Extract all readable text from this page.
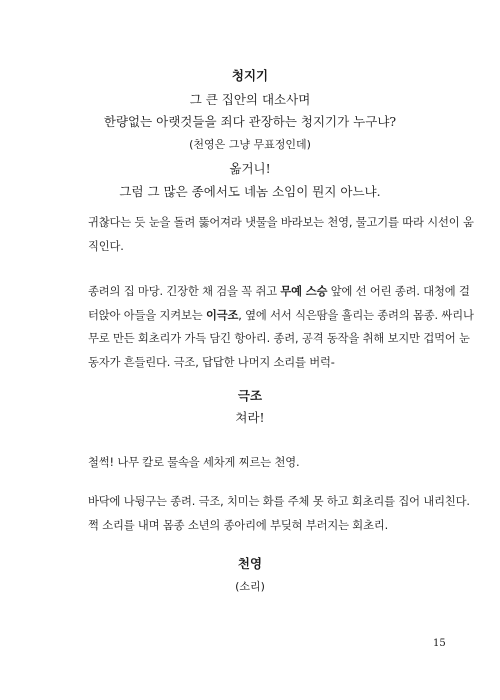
청지기
그 큰 집안의 대소사며
한량없는 아랫것들을 죄다 관장하는 청지기가 누구냐?
(천영은 그냥 무표정인데)
옮거니!
그럼 그 많은 종에서도 네놈 소임이 뭔지 아느냐.
귀찮다는 듯 눈을 돌려 뚫어져라 냇물을 바라보는 천영, 물고기를 따라 시선이 움
직인다.
종려의 집 마당. 긴장한 채 검을 꼭 쥐고 무예 스승 앞에 선 어린 종려. 대청에 걸
터앉아 아들을 지켜보는 이극조, 옆에 서서 식은땀을 흘리는 종려의 몸종. 싸리나
무로 만든 회초리가 가득 담긴 항아리. 종려, 공격 동작을 취해 보지만 겁먹어 눈
동자가 흔들린다. 극조, 답답한 나머지 소리를 버럭-
극조
쳐라!
철썩! 나무 칼로 물속을 세차게 찌르는 천영.
바닥에 나뒹구는 종려. 극조, 치미는 화를 주체 못 하고 회초리를 집어 내리친다.
쩍 소리를 내며 몸종 소년의 종아리에 부딪혀 부러지는 회초리.
천영
(소리)
15
